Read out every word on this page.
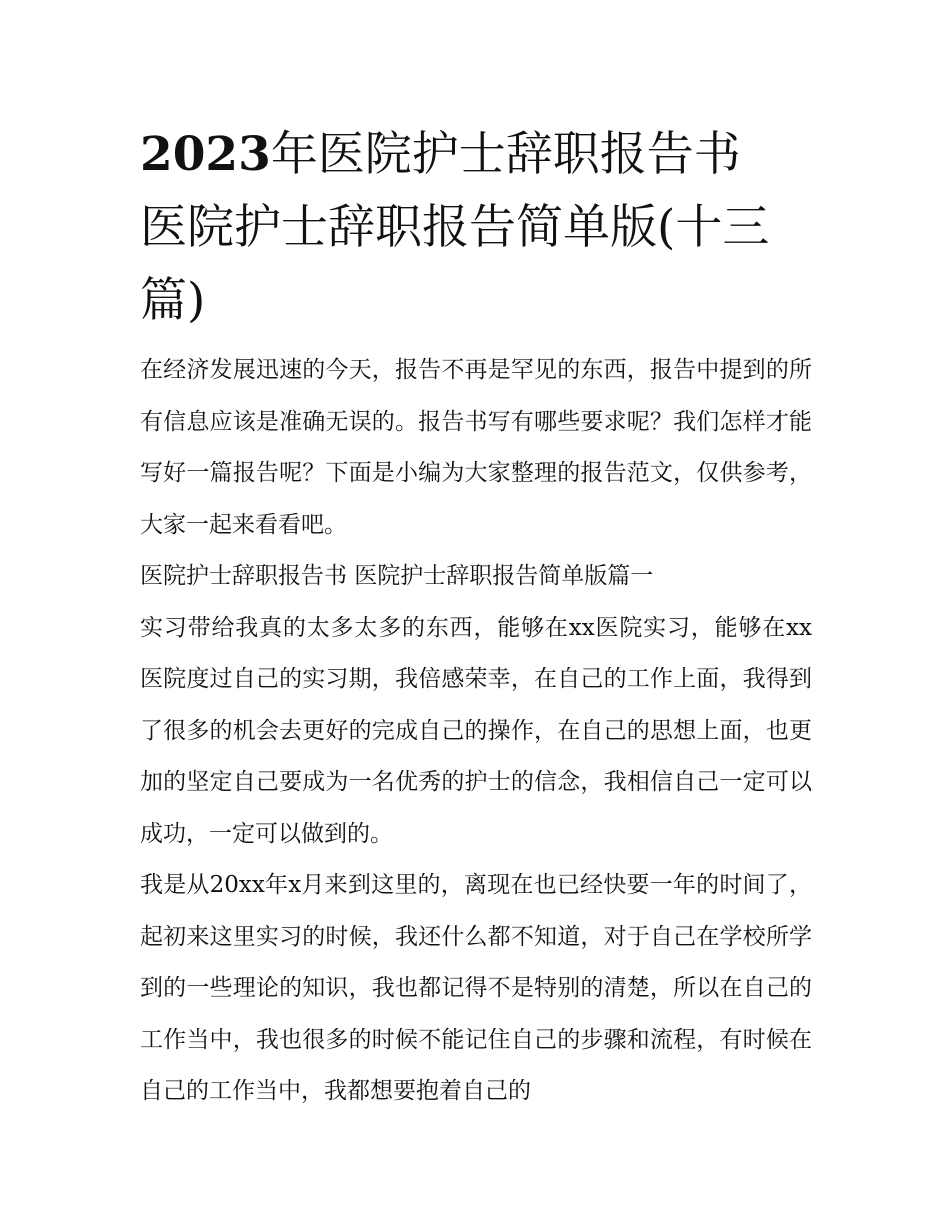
2023年医院护士辞职报告书
医院护士辞职报告简单版(十三
篇)

在经济发展迅速的今天，报告不再是罕见的东西，报告中提到的所有信息应该是准确无误的。报告书写有哪些要求呢？我们怎样才能写好一篇报告呢？下面是小编为大家整理的报告范文，仅供参考，大家一起来看看吧。

医院护士辞职报告书 医院护士辞职报告简单版篇一

实习带给我真的太多太多的东西，能够在xx医院实习，能够在xx医院度过自己的实习期，我倍感荣幸，在自己的工作上面，我得到了很多的机会去更好的完成自己的操作，在自己的思想上面，也更加的坚定自己要成为一名优秀的护士的信念，我相信自己一定可以成功，一定可以做到的。

我是从20xx年x月来到这里的，离现在也已经快要一年的时间了，起初来这里实习的时候，我还什么都不知道，对于自己在学校所学到的一些理论的知识，我也都记得不是特别的清楚，所以在自己的工作当中，我也很多的时候不能记住自己的步骤和流程，有时候在自己的工作当中，我都想要抱着自己的
